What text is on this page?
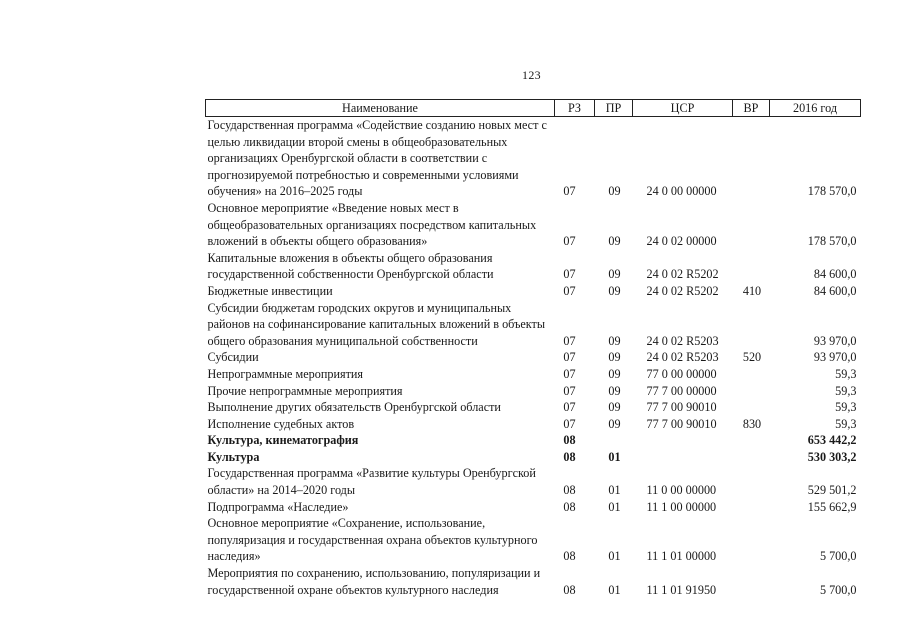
123
Наименование	РЗ	ПР	ЦСР	ВР	2016 год
Государственная программа «Содействие созданию новых мест с целью ликвидации второй смены в общеобразовательных организациях Оренбургской области в соответствии с прогнозируемой потребностью и современными условиями обучения» на 2016–2025 годы	07	09	24 0 00 00000		178 570,0
Основное мероприятие «Введение новых мест в общеобразовательных организациях посредством капитальных вложений в объекты общего образования»	07	09	24 0 02 00000		178 570,0
Капитальные вложения в объекты общего образования государственной собственности Оренбургской области	07	09	24 0 02 R5202		84 600,0
Бюджетные инвестиции	07	09	24 0 02 R5202	410	84 600,0
Субсидии бюджетам городских округов и муниципальных районов на софинансирование капитальных вложений в объекты общего образования муниципальной собственности	07	09	24 0 02 R5203		93 970,0
Субсидии	07	09	24 0 02 R5203	520	93 970,0
Непрограммные мероприятия	07	09	77 0 00 00000		59,3
Прочие непрограммные мероприятия	07	09	77 7 00 00000		59,3
Выполнение других обязательств Оренбургской области	07	09	77 7 00 90010		59,3
Исполнение судебных актов	07	09	77 7 00 90010	830	59,3
Культура, кинематография	08				653 442,2
Культура	08	01			530 303,2
Государственная программа «Развитие культуры Оренбургской области» на 2014–2020 годы	08	01	11 0 00 00000		529 501,2
Подпрограмма «Наследие»	08	01	11 1 00 00000		155 662,9
Основное мероприятие «Сохранение, использование, популяризация и государственная охрана объектов культурного наследия»	08	01	11 1 01 00000		5 700,0
Мероприятия по сохранению, использованию, популяризации и государственной охране объектов культурного наследия	08	01	11 1 01 91950		5 700,0
